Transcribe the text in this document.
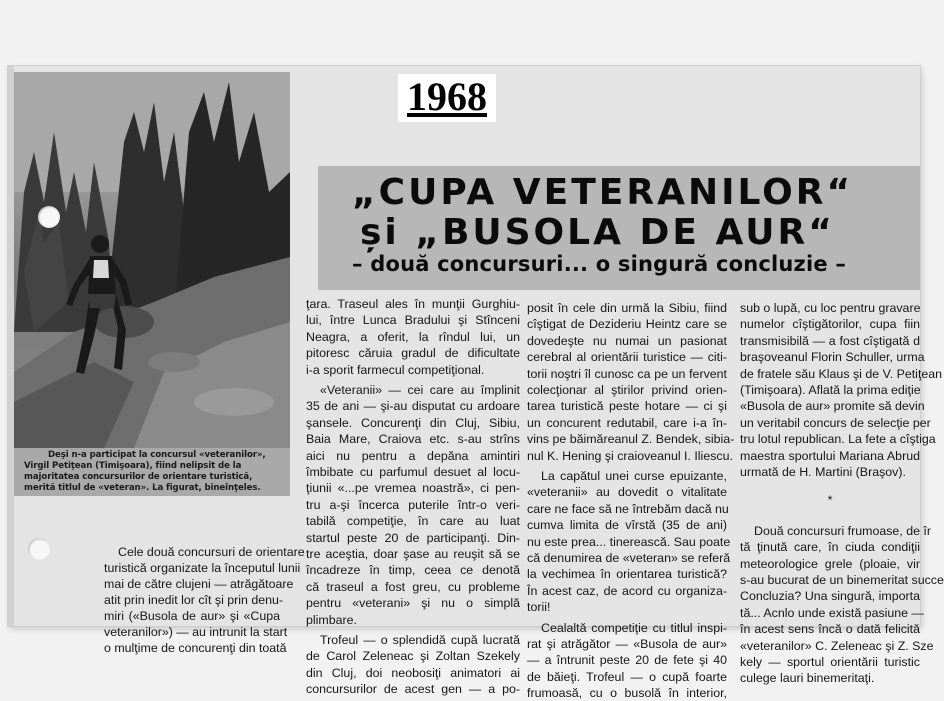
Deşi n-a participat la concursul «veteranilor»,
Virgil Petiţean (Timişoara), fiind nelipsit de la
majoritatea concursurilor de orientare turistică,
merită titlul de «veteran». La figurat, bineînţeles.
1968
„CUPA VETERANILOR“
și „BUSOLA DE AUR“
– două concursuri... o singură concluzie –
Cele două concursuri de orientare
turistică organizate la începutul lunii
mai de către clujeni — atrăgătoare
atit prin inedit lor cît şi prin denu-
miri («Busola de aur» şi «Cupa
veteranilor») — au intrunit la start
o mulţime de concurenţi din toată
ţara. Traseul ales în munţii Gurghiu-
lui, între Lunca Bradului şi Stînceni
Neagra, a oferit, la rîndul lui, un
pitoresc căruia gradul de dificultate
i-a sporit farmecul competiţional.
«Veteranii» — cei care au împlinit
35 de ani — şi-au disputat cu ardoare
şansele. Concurenţi din Cluj, Sibiu,
Baia Mare, Craiova etc. s-au strîns
aici nu pentru a depăna amintiri
îmbibate cu parfumul desuet al locu-
ţiunii «...pe vremea noastră», ci pen-
tru a-şi încerca puterile într-o veri-
tabilă competiţie, în care au luat
startul peste 20 de participanţi. Din-
tre aceştia, doar şase au reuşit să se
încadreze în timp, ceea ce denotă
că traseul a fost greu, cu probleme
pentru «veterani» şi nu o simplă
plimbare.
Trofeul — o splendidă cupă lucrată
de Carol Zeleneac şi Zoltan Szekely
din Cluj, doi neobosiţi animatori ai
concursurilor de acest gen — a po-
posit în cele din urmă la Sibiu, fiind
cîştigat de Dezideriu Heintz care se
dovedeşte nu numai un pasionat
cerebral al orientării turistice — citi-
torii noştri îl cunosc ca pe un fervent
colecţionar al ştirilor privind orien-
tarea turistică peste hotare — ci şi
un concurent redutabil, care i-a în-
vins pe băimăreanul Z. Bendek, sibia-
nul K. Hening şi craioveanul I. Iliescu.
La capătul unei curse epuizante,
«veteranii» au dovedit o vitalitate
care ne face să ne întrebăm dacă nu
cumva limita de vîrstă (35 de ani)
nu este prea... tinerească. Sau poate
că denumirea de «veteran» se referă
la vechimea în orientarea turistică?
În acest caz, de acord cu organiza-
torii!
Cealaltă competiţie cu titlul inspi-
rat şi atrăgător — «Busola de aur»
— a întrunit peste 20 de fete şi 40
de băieţi. Trofeul — o cupă foarte
frumoasă, cu o busolă în interior,
sub o lupă, cu loc pentru gravare
numelor cîştigătorilor, cupa fiin
transmisibilă — a fost cîştigată d
braşoveanul Florin Schuller, urma
de fratele său Klaus şi de V. Petiţean
(Timişoara). Aflată la prima ediţie
«Busola de aur» promite să devin
un veritabil concurs de selecţie per
tru lotul republican. La fete a cîştiga
maestra sportului Mariana Abrud
urmată de H. Martini (Braşov).
*
Două concursuri frumoase, de îr
tă ţinută care, în ciuda condiţii
meteorologice grele (ploaie, vir
s-au bucurat de un binemeritat succe
Concluzia? Una singură, importa
tă... Acnlo unde există pasiune —
în acest sens încă o dată felicită
«veteranilor» C. Zeleneac şi Z. Sze
kely — sportul orientării turistic
culege lauri binemeritaţi.
